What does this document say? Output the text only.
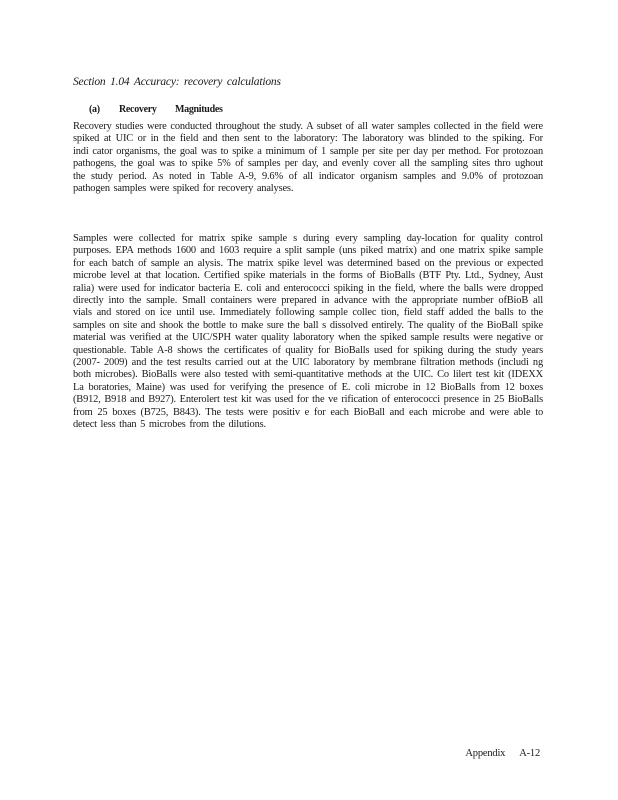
Section 1.04 Accuracy: recovery calculations
(a) Recovery Magnitudes

Recovery studies were conducted throughout the study. A subset of all water samples collected in the field were spiked at UIC or in the field and then sent to the laboratory: The laboratory was blinded to the spiking. For indi cator organisms, the goal was to spike a minimum of 1 sample per site per day per method. For protozoan pathogens, the goal was to spike 5% of samples per day, and evenly cover all the sampling sites thro ughout the study period. As noted in Table A-9, 9.6% of all indicator organism samples and 9.0% of protozoan pathogen samples were spiked for recovery analyses.

Samples were collected for matrix spike sample s during every sampling day-location for quality control purposes. EPA methods 1600 and 1603 require a split sample (uns piked matrix) and one matrix spike sample for each batch of sample an alysis. The matrix spike level was determined based on the previous or expected microbe level at that location. Certified spike materials in the forms of BioBalls (BTF Pty. Ltd., Sydney, Aust ralia) were used for indicator bacteria E. coli and enterococci spiking in the field, where the balls were dropped directly into the sample. Small containers were prepared in advance with the appropriate number ofBioB all vials and stored on ice until use. Immediately following sample collec tion, field staff added the balls to the samples on site and shook the bottle to make sure the ball s dissolved entirely. The quality of the BioBall spike material was verified at the UIC/SPH water quality laboratory when the spiked sample results were negative or questionable. Table A-8 shows the certificates of quality for BioBalls used for spiking during the study years (2007- 2009) and the test results carried out at the UIC laboratory by membrane filtration methods (includi ng both microbes). BioBalls were also tested with semi-quantitative methods at the UIC. Co lilert test kit (IDEXX La boratories, Maine) was used for verifying the presence of E. coli microbe in 12 BioBalls from 12 boxes (B912, B918 and B927). Enterolert test kit was used for the ve rification of enterococci presence in 25 BioBalls from 25 boxes (B725, B843). The tests were positiv e for each BioBall and each microbe and were able to detect less than 5 microbes from the dilutions.

Appendix A-12
